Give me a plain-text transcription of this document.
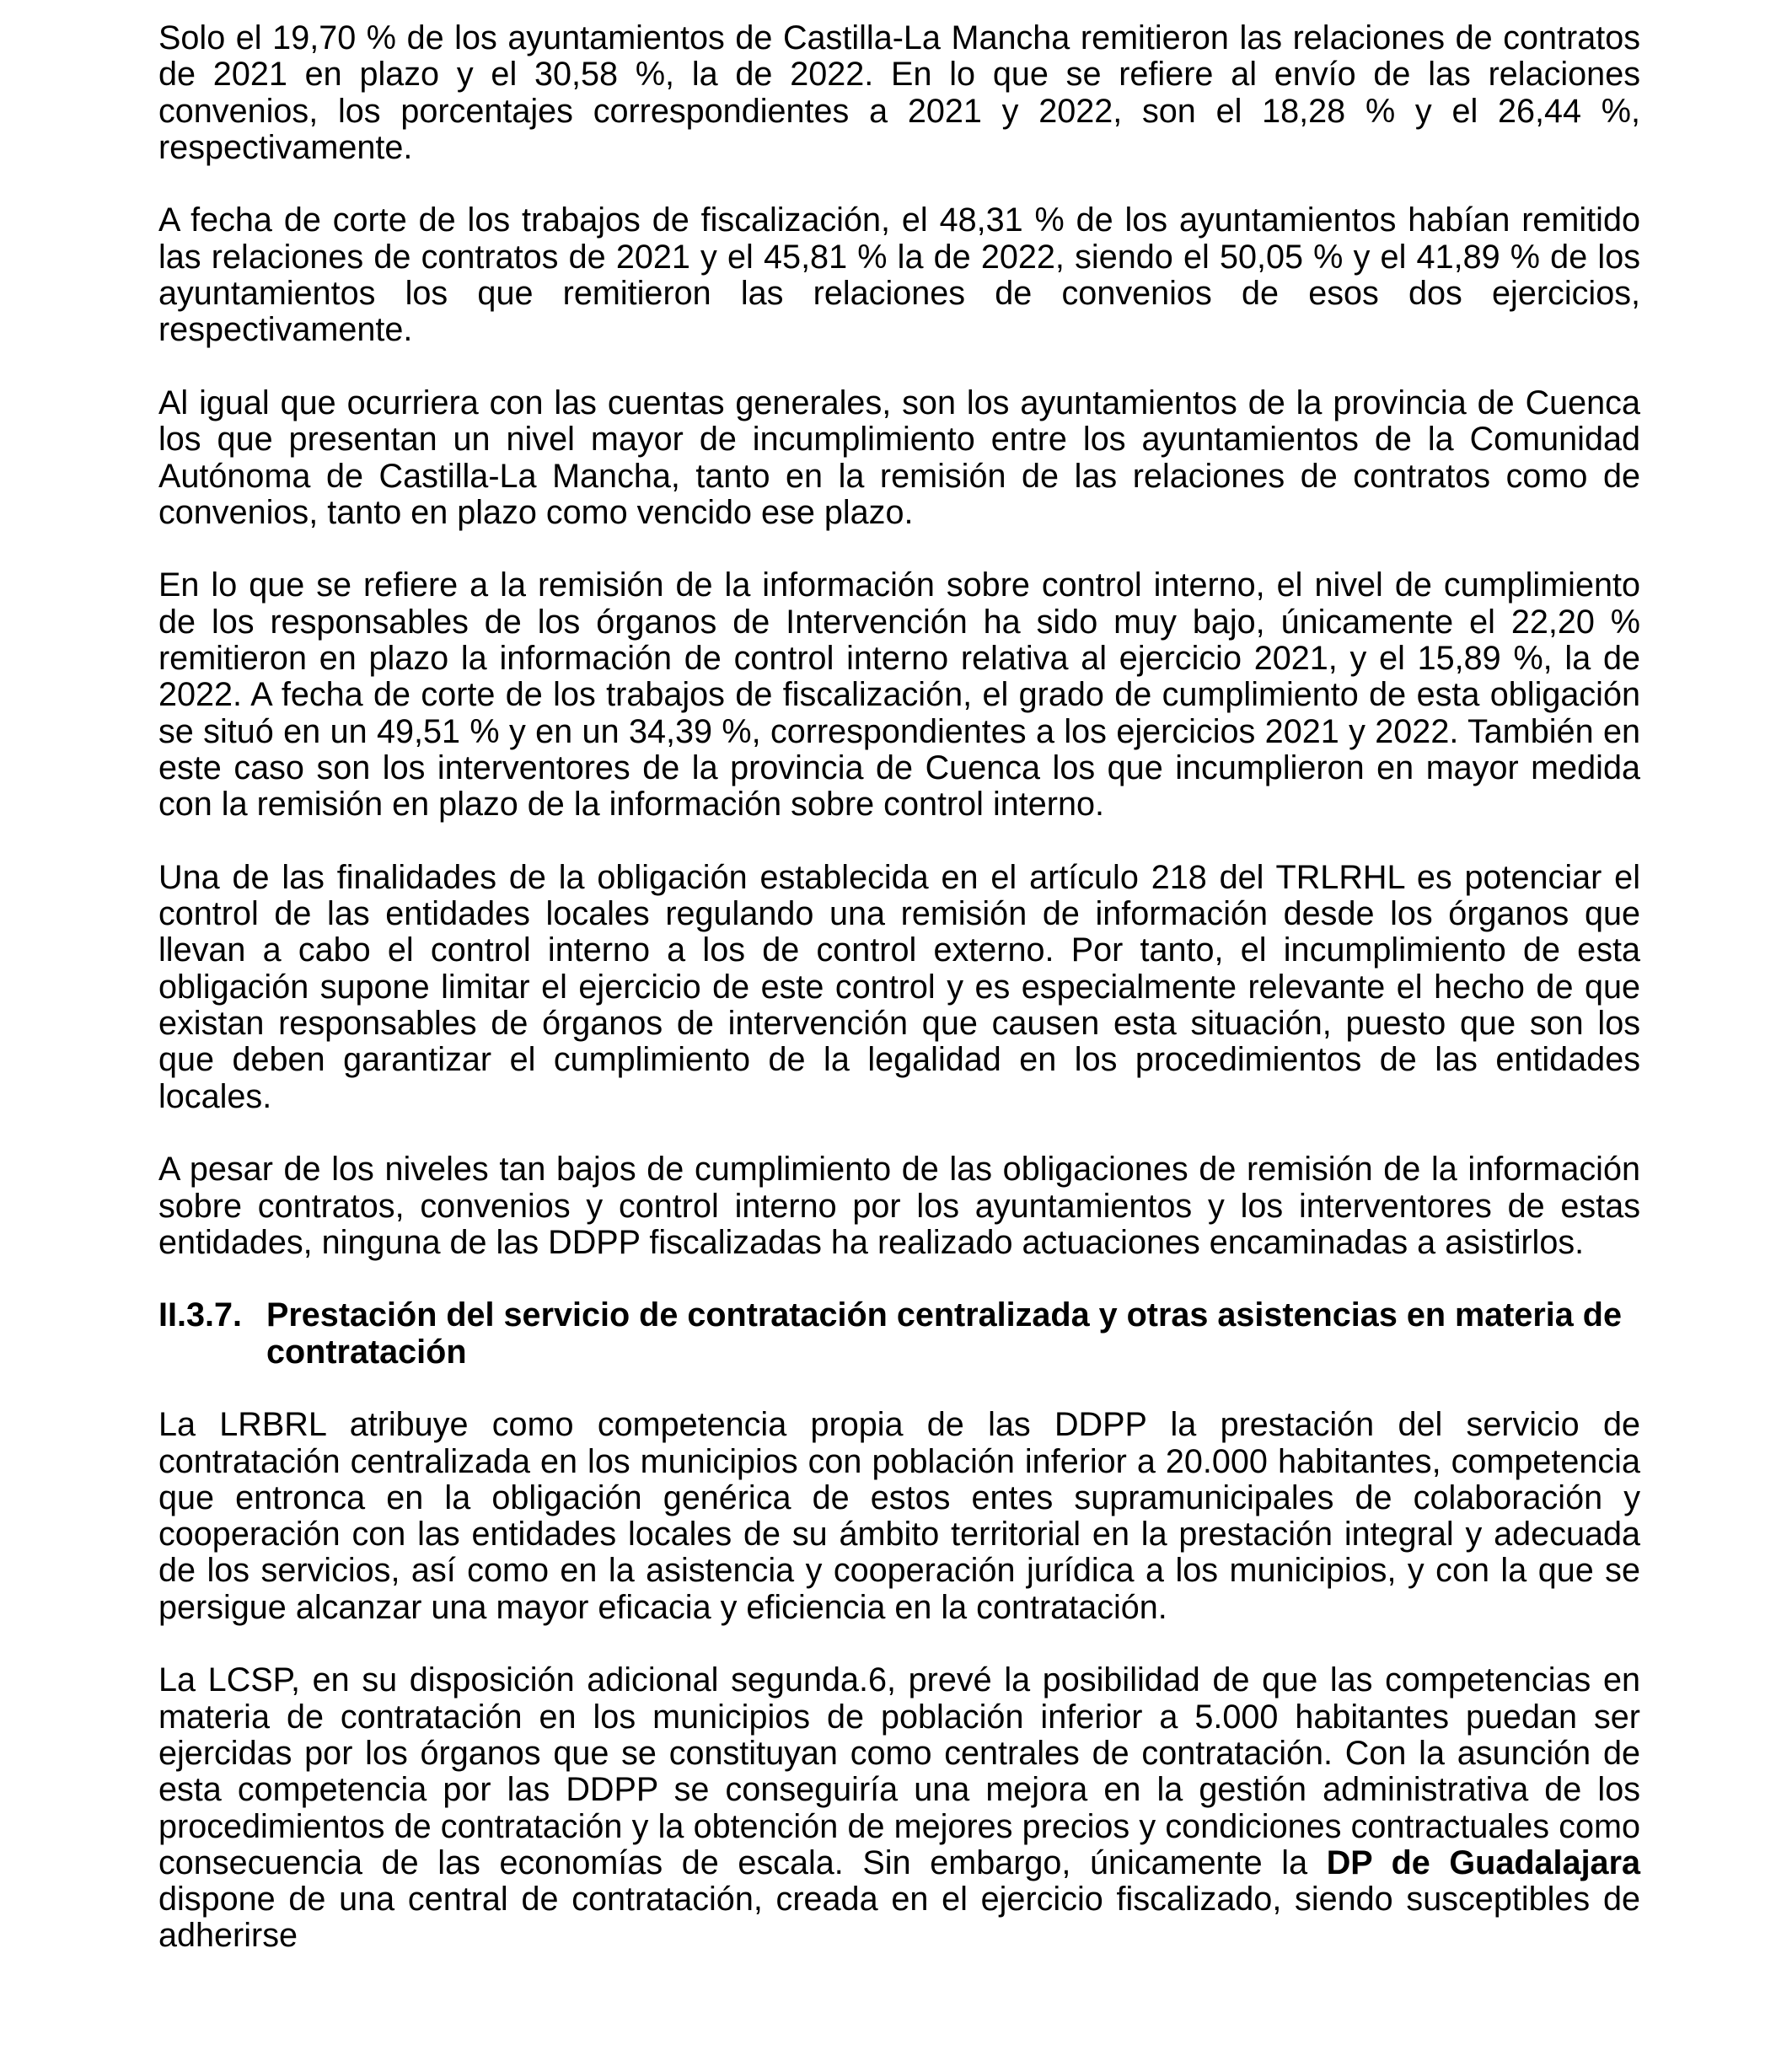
Solo el 19,70 % de los ayuntamientos de Castilla-La Mancha remitieron las relaciones de contratos de 2021 en plazo y el 30,58 %, la de 2022. En lo que se refiere al envío de las relaciones convenios, los porcentajes correspondientes a 2021 y 2022, son el 18,28 % y el 26,44 %, respectivamente.

A fecha de corte de los trabajos de fiscalización, el 48,31 % de los ayuntamientos habían remitido las relaciones de contratos de 2021 y el 45,81 % la de 2022, siendo el 50,05 % y el 41,89 % de los ayuntamientos los que remitieron las relaciones de convenios de esos dos ejercicios, respectivamente.

Al igual que ocurriera con las cuentas generales, son los ayuntamientos de la provincia de Cuenca los que presentan un nivel mayor de incumplimiento entre los ayuntamientos de la Comunidad Autónoma de Castilla-La Mancha, tanto en la remisión de las relaciones de contratos como de convenios, tanto en plazo como vencido ese plazo.

En lo que se refiere a la remisión de la información sobre control interno, el nivel de cumplimiento de los responsables de los órganos de Intervención ha sido muy bajo, únicamente el 22,20 % remitieron en plazo la información de control interno relativa al ejercicio 2021, y el 15,89 %, la de 2022. A fecha de corte de los trabajos de fiscalización, el grado de cumplimiento de esta obligación se situó en un 49,51 % y en un 34,39 %, correspondientes a los ejercicios 2021 y 2022. También en este caso son los interventores de la provincia de Cuenca los que incumplieron en mayor medida con la remisión en plazo de la información sobre control interno.

Una de las finalidades de la obligación establecida en el artículo 218 del TRLRHL es potenciar el control de las entidades locales regulando una remisión de información desde los órganos que llevan a cabo el control interno a los de control externo. Por tanto, el incumplimiento de esta obligación supone limitar el ejercicio de este control y es especialmente relevante el hecho de que existan responsables de órganos de intervención que causen esta situación, puesto que son los que deben garantizar el cumplimiento de la legalidad en los procedimientos de las entidades locales.

A pesar de los niveles tan bajos de cumplimiento de las obligaciones de remisión de la información sobre contratos, convenios y control interno por los ayuntamientos y los interventores de estas entidades, ninguna de las DDPP fiscalizadas ha realizado actuaciones encaminadas a asistirlos.

II.3.7. Prestación del servicio de contratación centralizada y otras asistencias en materia de contratación

La LRBRL atribuye como competencia propia de las DDPP la prestación del servicio de contratación centralizada en los municipios con población inferior a 20.000 habitantes, competencia que entronca en la obligación genérica de estos entes supramunicipales de colaboración y cooperación con las entidades locales de su ámbito territorial en la prestación integral y adecuada de los servicios, así como en la asistencia y cooperación jurídica a los municipios, y con la que se persigue alcanzar una mayor eficacia y eficiencia en la contratación.

La LCSP, en su disposición adicional segunda.6, prevé la posibilidad de que las competencias en materia de contratación en los municipios de población inferior a 5.000 habitantes puedan ser ejercidas por los órganos que se constituyan como centrales de contratación. Con la asunción de esta competencia por las DDPP se conseguiría una mejora en la gestión administrativa de los procedimientos de contratación y la obtención de mejores precios y condiciones contractuales como consecuencia de las economías de escala. Sin embargo, únicamente la DP de Guadalajara dispone de una central de contratación, creada en el ejercicio fiscalizado, siendo susceptibles de adherirse
